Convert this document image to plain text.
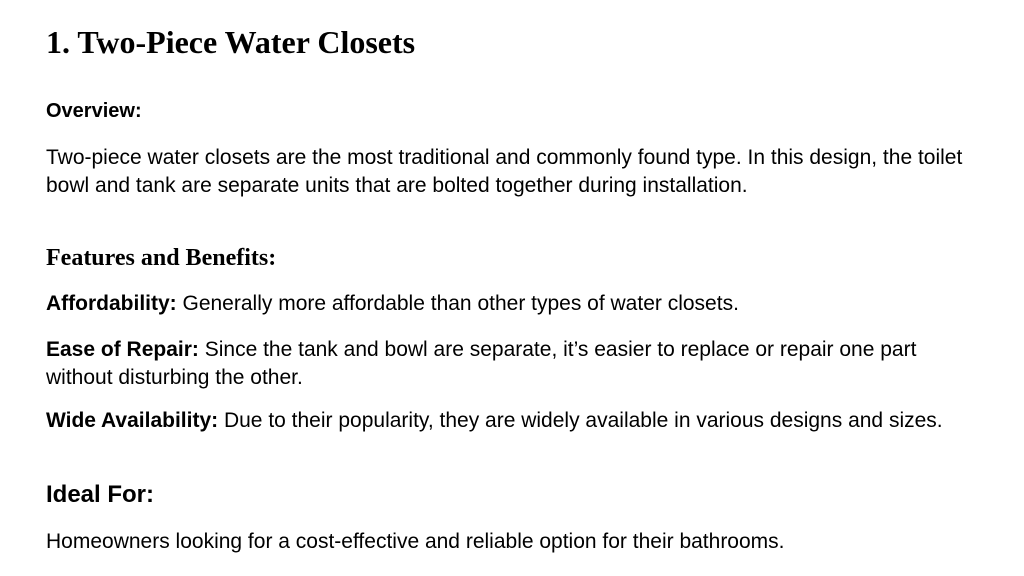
1. Two-Piece Water Closets

Overview:

Two-piece water closets are the most traditional and commonly found type. In this design, the toilet bowl and tank are separate units that are bolted together during installation.

Features and Benefits:

Affordability: Generally more affordable than other types of water closets.

Ease of Repair: Since the tank and bowl are separate, it’s easier to replace or repair one part without disturbing the other.

Wide Availability: Due to their popularity, they are widely available in various designs and sizes.

Ideal For:

Homeowners looking for a cost-effective and reliable option for their bathrooms.
